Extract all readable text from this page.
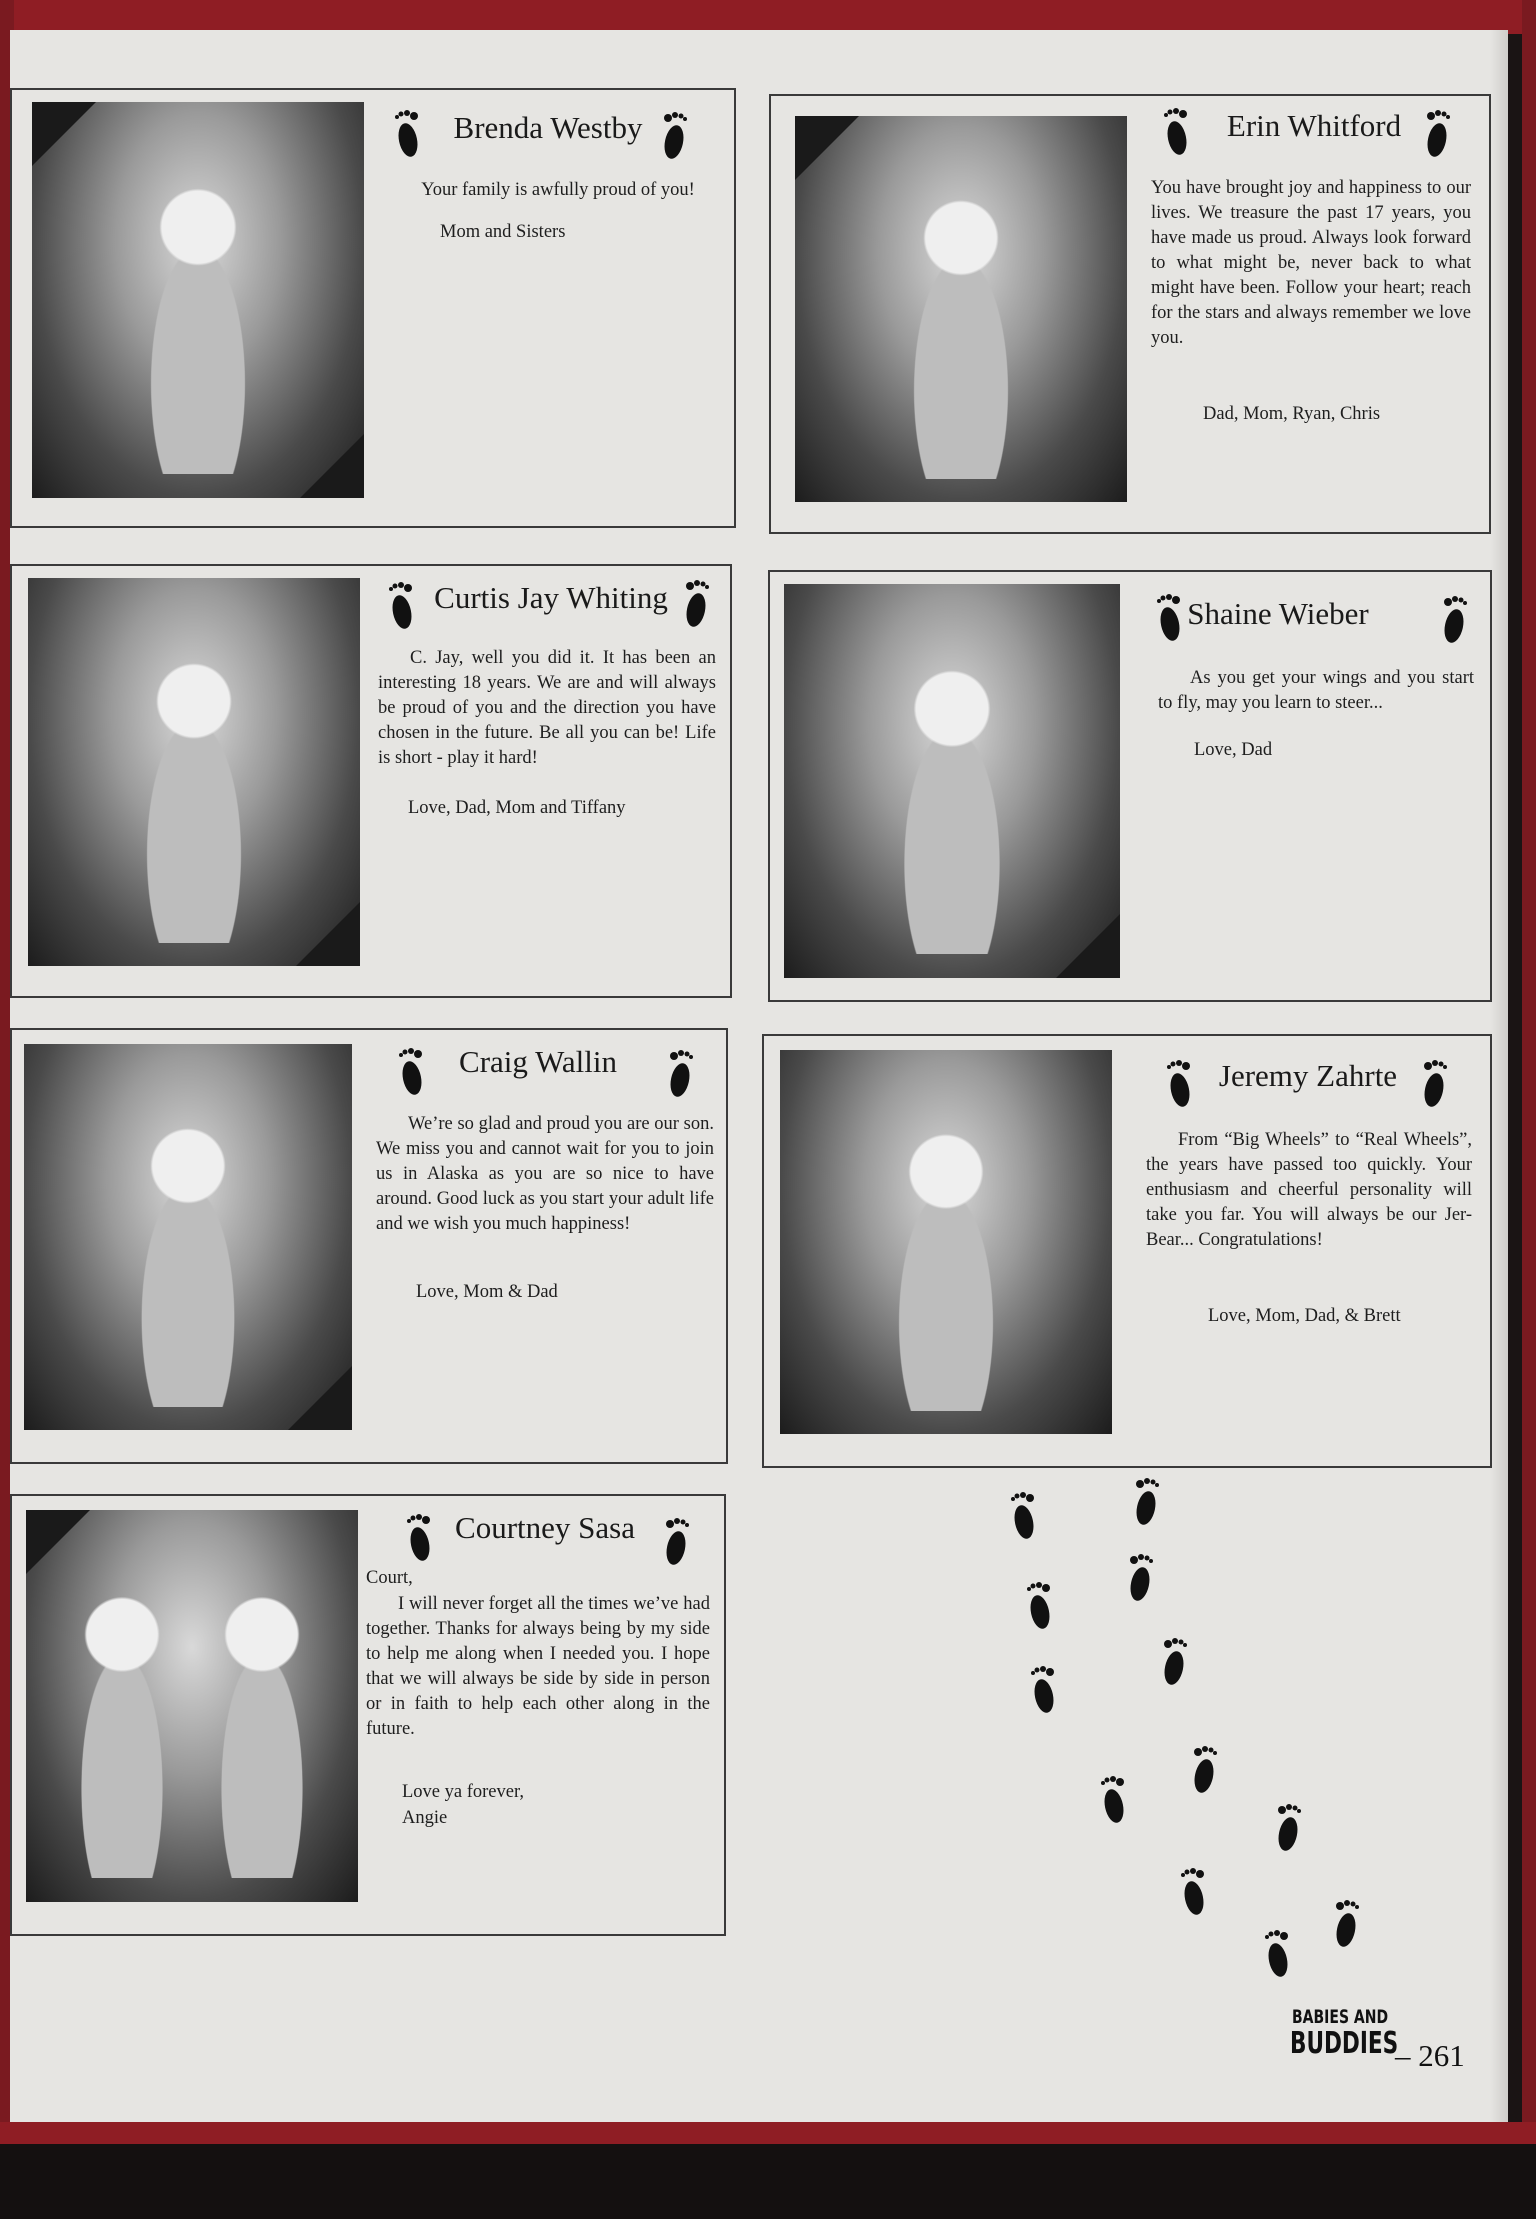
Brenda Westby
Your family is awfully proud of you!
Mom and Sisters
Erin Whitford
You have brought joy and happiness to our lives. We treasure the past 17 years, you have made us proud. Always look forward to what might be, never back to what might have been. Follow your heart; reach for the stars and always remember we love you.
Dad, Mom, Ryan, Chris
Curtis Jay Whiting
C. Jay, well you did it. It has been an interesting 18 years. We are and will always be proud of you and the direction you have chosen in the future. Be all you can be! Life is short - play it hard!
Love, Dad, Mom and Tiffany
Shaine Wieber
As you get your wings and you start to fly, may you learn to steer...
Love, Dad
Craig Wallin
We’re so glad and proud you are our son. We miss you and cannot wait for you to join us in Alaska as you are so nice to have around. Good luck as you start your adult life and we wish you much happiness!
Love, Mom & Dad
Jeremy Zahrte
From “Big Wheels” to “Real Wheels”, the years have passed too quickly. Your enthusiasm and cheerful personality will take you far. You will always be our Jer-Bear... Congratulations!
Love, Mom, Dad, & Brett
Courtney Sasa
Court,
I will never forget all the times we’ve had together. Thanks for always being by my side to help me along when I needed you. I hope that we will always be side by side in person or in faith to help each other along in the future.
Love ya forever,
Angie
BABIES AND
BUDDIES
– 261
